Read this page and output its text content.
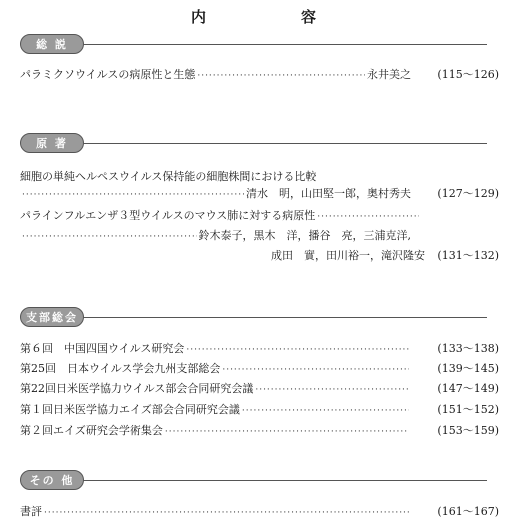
内　容
総 説
パラミクソウイルスの病原性と生態 ·····	永井美之	(115～126)
原 著
細胞の単純ヘルペスウイルス保持能の細胞株間における比較
·····
清水　明，山田堅一郎，奥村秀夫	(127～129)
パラインフルエンザ３型ウイルスのマウス肺に対する病原性
·····
·····
鈴木泰子，黒木　洋，播谷　亮，三浦克洋,
成田　實，田川裕一，滝沢隆安	(131～132)
支部総会
第６回　中国四国ウイルス研究会 ·····	(133～138)
第25回　日本ウイルス学会九州支部総会 ·····	(139～145)
第22回日米医学協力ウイルス部会合同研究会議 ·····	(147～149)
第１回日米医学協力エイズ部会合同研究会議 ·····	(151～152)
第２回エイズ研究会学術集会 ·····	(153～159)
その 他
書評 ·····	(161～167)
